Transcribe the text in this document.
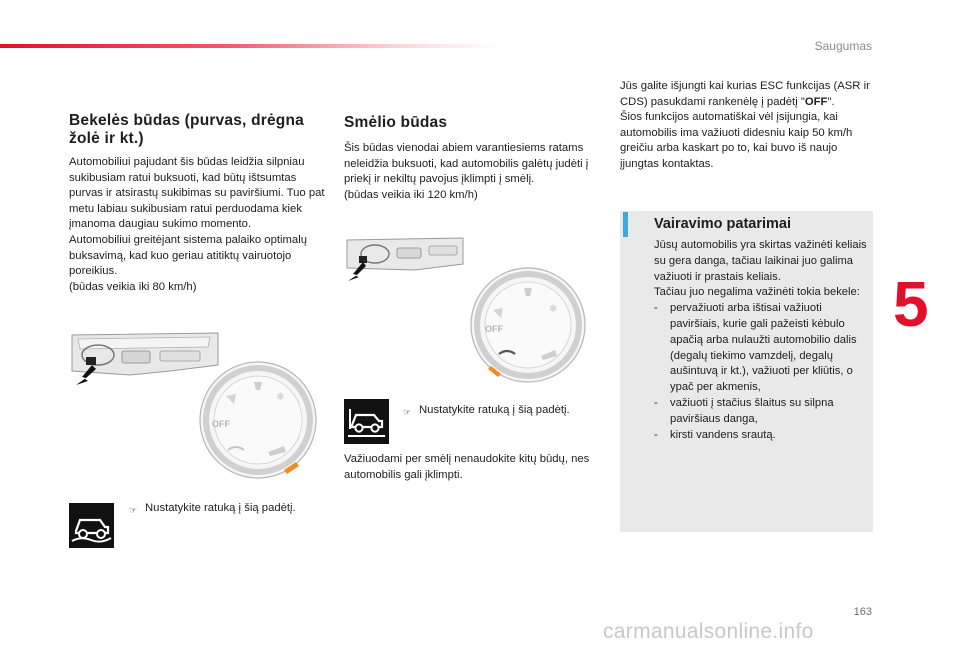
Saugumas
5
163
Bekelės būdas (purvas, drėgna žolė ir kt.)
Automobiliui pajudant šis būdas leidžia silpniau sukibusiam ratui buksuoti, kad būtų ištsumtas purvas ir atsirastų sukibimas su paviršiumi. Tuo pat metu labiau sukibusiam ratui perduodama kiek įmanoma daugiau sukimo momento.
Automobiliui greitėjant sistema palaiko optimalų buksavimą, kad kuo geriau atitiktų vairuotojo poreikius.
(būdas veikia iki 80 km/h)
OFF
❄
☞ Nustatykite ratuką į šią padėtį.
Smėlio būdas
Šis būdas vienodai abiem varantiesiems ratams neleidžia buksuoti, kad automobilis galėtų judėti į priekį ir nekiltų pavojus įklimpti į smėlį.
(būdas veikia iki 120 km/h)
OFF
❄
☞ Nustatykite ratuką į šią padėtį.
Važiuodami per smėlį nenaudokite kitų būdų, nes automobilis gali įklimpti.
Jūs galite išjungti kai kurias ESC funkcijas (ASR ir CDS) pasukdami rankenėlę į padėtį "OFF".
Šios funkcijos automatiškai vėl įsijungia, kai automobilis ima važiuoti didesniu kaip 50 km/h greičiu arba kaskart po to, kai buvo iš naujo įjungtas kontaktas.
Vairavimo patarimai
Jūsų automobilis yra skirtas važinėti keliais su gera danga, tačiau laikinai juo galima važiuoti ir prastais keliais.
Tačiau juo negalima važinėti tokia bekele:
-	pervažiuoti arba ištisai važiuoti paviršiais, kurie gali pažeisti kėbulo apačią arba nulaužti automobilio dalis (degalų tiekimo vamzdelį, degalų aušintuvą ir kt.), važiuoti per kliūtis, o ypač per akmenis,
-	važiuoti į stačius šlaitus su silpna paviršiaus danga,
-	kirsti vandens srautą.
carmanualsonline.info
